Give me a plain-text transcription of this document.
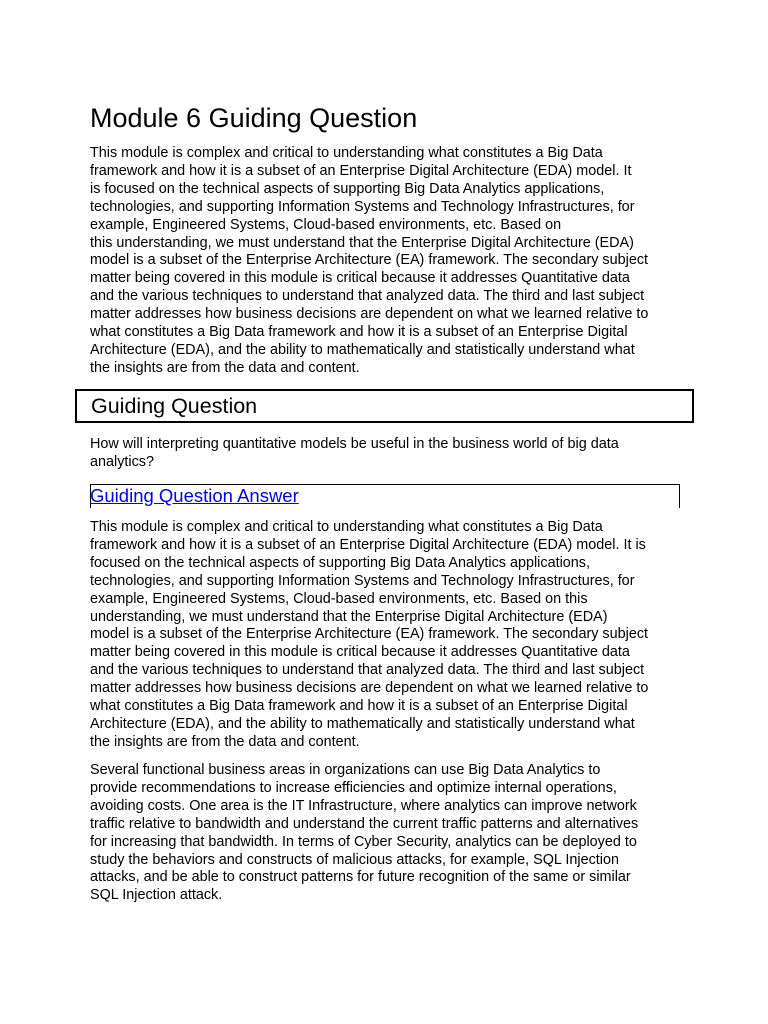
Module 6 Guiding Question

This module is complex and critical to understanding what constitutes a Big Data
framework and how it is a subset of an Enterprise Digital Architecture (EDA) model. It
is focused on the technical aspects of supporting Big Data Analytics applications,
technologies, and supporting Information Systems and Technology Infrastructures, for
example, Engineered Systems, Cloud-based environments, etc. Based on
this understanding, we must understand that the Enterprise Digital Architecture (EDA)
model is a subset of the Enterprise Architecture (EA) framework. The secondary subject
matter being covered in this module is critical because it addresses Quantitative data
and the various techniques to understand that analyzed data. The third and last subject
matter addresses how business decisions are dependent on what we learned relative to
what constitutes a Big Data framework and how it is a subset of an Enterprise Digital
Architecture (EDA), and the ability to mathematically and statistically understand what
the insights are from the data and content.

Guiding Question

How will interpreting quantitative models be useful in the business world of big data
analytics?

Guiding Question Answer

This module is complex and critical to understanding what constitutes a Big Data
framework and how it is a subset of an Enterprise Digital Architecture (EDA) model. It is
focused on the technical aspects of supporting Big Data Analytics applications,
technologies, and supporting Information Systems and Technology Infrastructures, for
example, Engineered Systems, Cloud-based environments, etc. Based on this
understanding, we must understand that the Enterprise Digital Architecture (EDA)
model is a subset of the Enterprise Architecture (EA) framework. The secondary subject
matter being covered in this module is critical because it addresses Quantitative data
and the various techniques to understand that analyzed data. The third and last subject
matter addresses how business decisions are dependent on what we learned relative to
what constitutes a Big Data framework and how it is a subset of an Enterprise Digital
Architecture (EDA), and the ability to mathematically and statistically understand what
the insights are from the data and content.

Several functional business areas in organizations can use Big Data Analytics to
provide recommendations to increase efficiencies and optimize internal operations,
avoiding costs. One area is the IT Infrastructure, where analytics can improve network
traffic relative to bandwidth and understand the current traffic patterns and alternatives
for increasing that bandwidth. In terms of Cyber Security, analytics can be deployed to
study the behaviors and constructs of malicious attacks, for example, SQL Injection
attacks, and be able to construct patterns for future recognition of the same or similar
SQL Injection attack.
